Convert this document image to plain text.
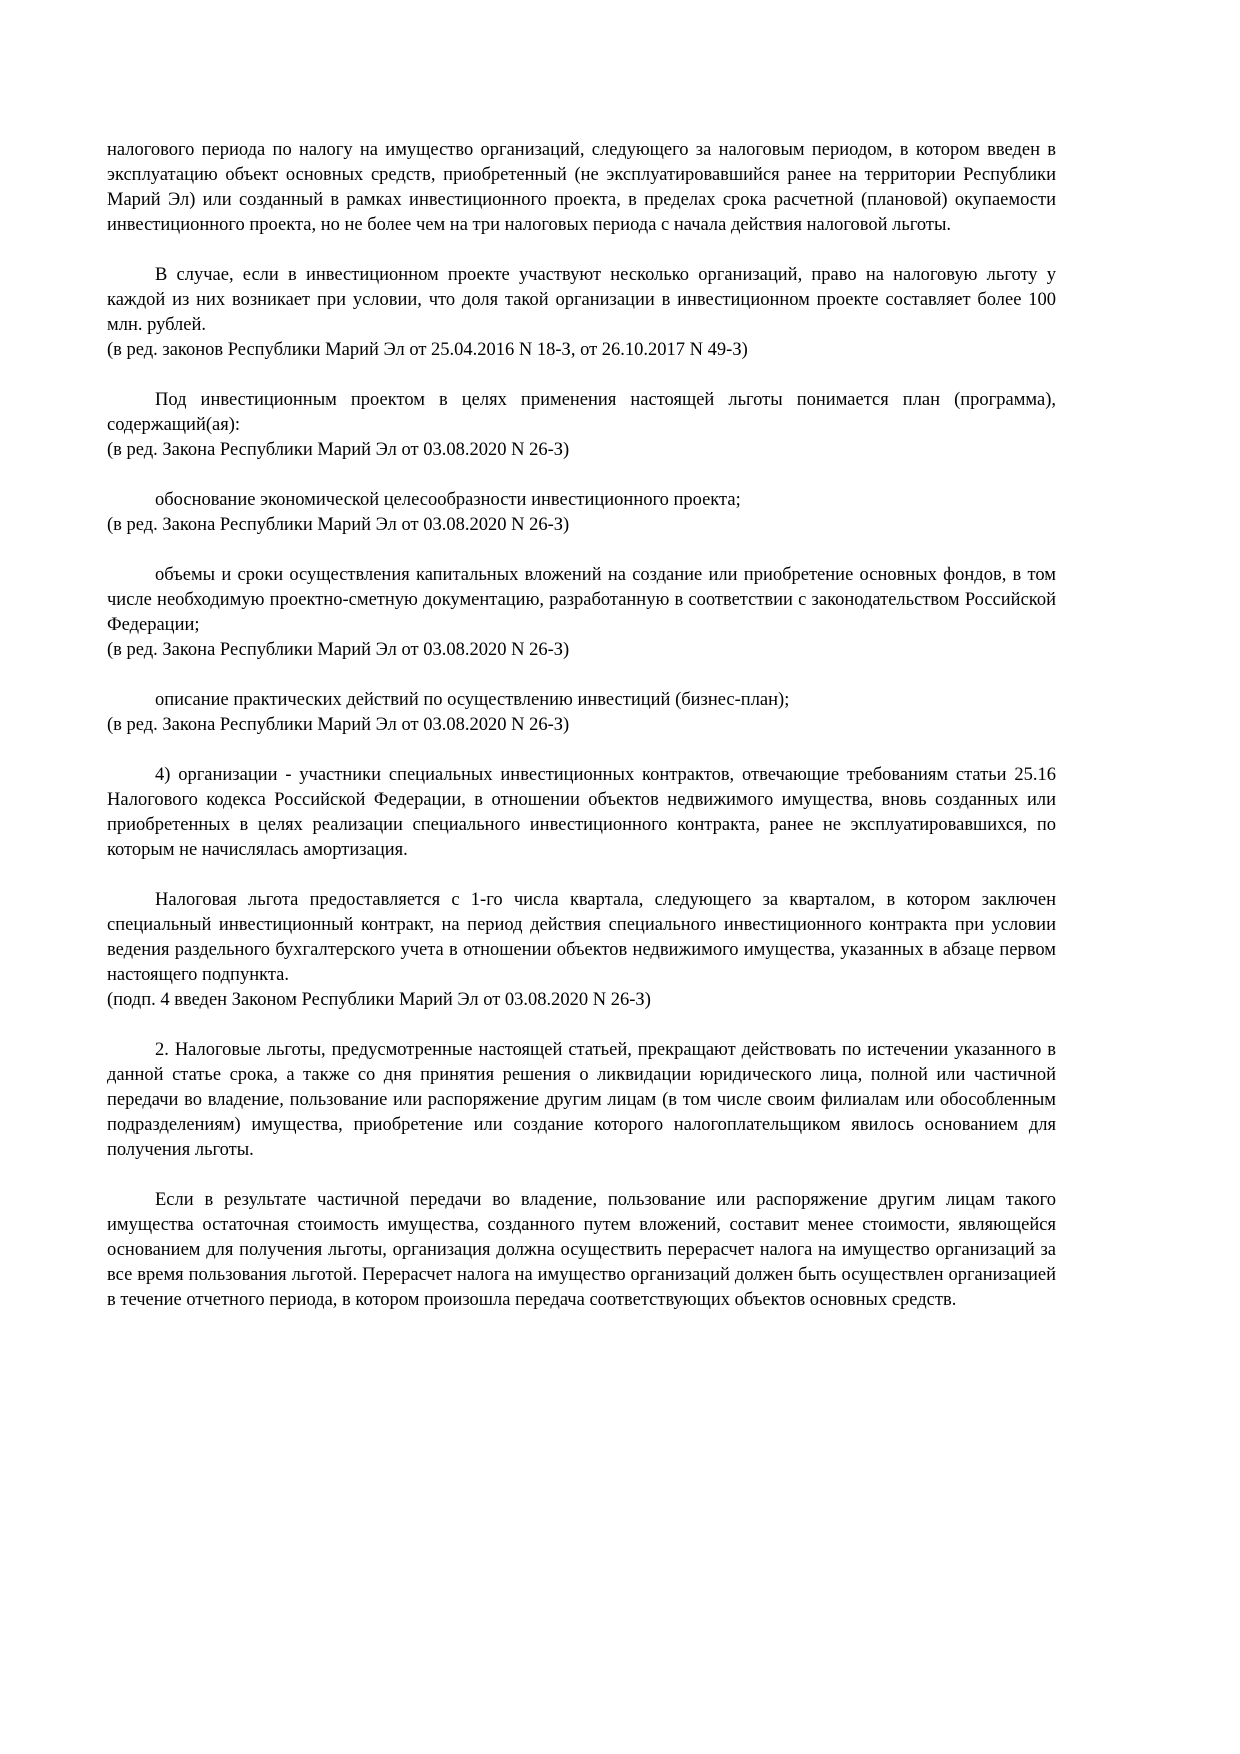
налогового периода по налогу на имущество организаций, следующего за налоговым периодом, в котором введен в эксплуатацию объект основных средств, приобретенный (не эксплуатировавшийся ранее на территории Республики Марий Эл) или созданный в рамках инвестиционного проекта, в пределах срока расчетной (плановой) окупаемости инвестиционного проекта, но не более чем на три налоговых периода с начала действия налоговой льготы.

В случае, если в инвестиционном проекте участвуют несколько организаций, право на налоговую льготу у каждой из них возникает при условии, что доля такой организации в инвестиционном проекте составляет более 100 млн. рублей.

(в ред. законов Республики Марий Эл от 25.04.2016 N 18-З, от 26.10.2017 N 49-З)

Под инвестиционным проектом в целях применения настоящей льготы понимается план (программа), содержащий(ая):

(в ред. Закона Республики Марий Эл от 03.08.2020 N 26-З)

обоснование экономической целесообразности инвестиционного проекта;

(в ред. Закона Республики Марий Эл от 03.08.2020 N 26-З)

объемы и сроки осуществления капитальных вложений на создание или приобретение основных фондов, в том числе необходимую проектно-сметную документацию, разработанную в соответствии с законодательством Российской Федерации;

(в ред. Закона Республики Марий Эл от 03.08.2020 N 26-З)

описание практических действий по осуществлению инвестиций (бизнес-план);

(в ред. Закона Республики Марий Эл от 03.08.2020 N 26-З)

4) организации - участники специальных инвестиционных контрактов, отвечающие требованиям статьи 25.16 Налогового кодекса Российской Федерации, в отношении объектов недвижимого имущества, вновь созданных или приобретенных в целях реализации специального инвестиционного контракта, ранее не эксплуатировавшихся, по которым не начислялась амортизация.

Налоговая льгота предоставляется с 1-го числа квартала, следующего за кварталом, в котором заключен специальный инвестиционный контракт, на период действия специального инвестиционного контракта при условии ведения раздельного бухгалтерского учета в отношении объектов недвижимого имущества, указанных в абзаце первом настоящего подпункта.

(подп. 4 введен Законом Республики Марий Эл от 03.08.2020 N 26-З)

2. Налоговые льготы, предусмотренные настоящей статьей, прекращают действовать по истечении указанного в данной статье срока, а также со дня принятия решения о ликвидации юридического лица, полной или частичной передачи во владение, пользование или распоряжение другим лицам (в том числе своим филиалам или обособленным подразделениям) имущества, приобретение или создание которого налогоплательщиком явилось основанием для получения льготы.

Если в результате частичной передачи во владение, пользование или распоряжение другим лицам такого имущества остаточная стоимость имущества, созданного путем вложений, составит менее стоимости, являющейся основанием для получения льготы, организация должна осуществить перерасчет налога на имущество организаций за все время пользования льготой. Перерасчет налога на имущество организаций должен быть осуществлен организацией в течение отчетного периода, в котором произошла передача соответствующих объектов основных средств.
